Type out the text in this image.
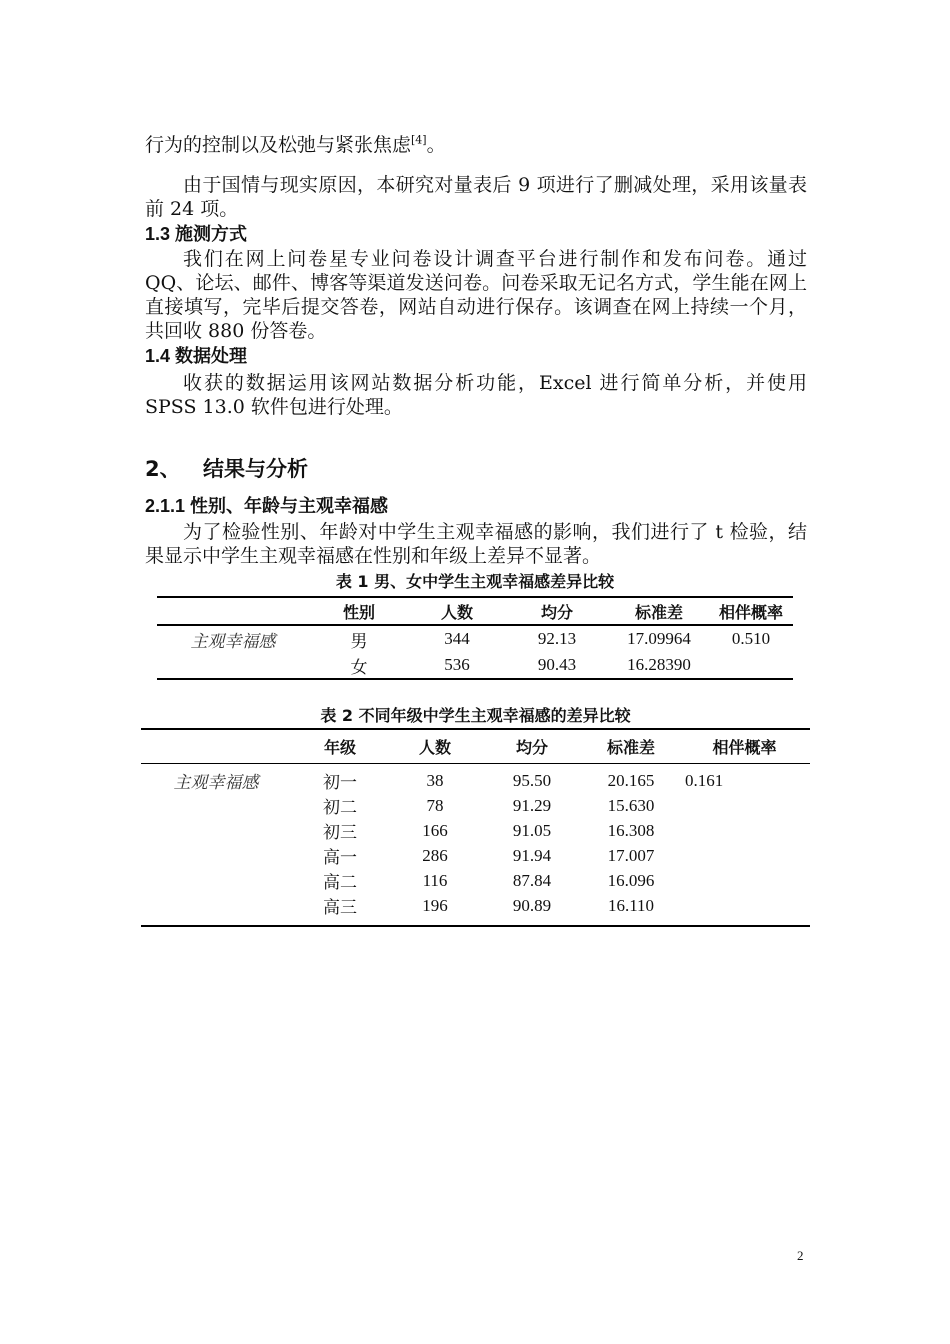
行为的控制以及松弛与紧张焦虑[4]。

由于国情与现实原因，本研究对量表后 9 项进行了删减处理，采用该量表前 24 项。

1.3 施测方式

我们在网上问卷星专业问卷设计调查平台进行制作和发布问卷。通过 QQ、论坛、邮件、博客等渠道发送问卷。问卷采取无记名方式，学生能在网上直接填写，完毕后提交答卷，网站自动进行保存。该调查在网上持续一个月，共回收 880 份答卷。

1.4 数据处理

收获的数据运用该网站数据分析功能，Excel 进行简单分析，并使用 SPSS 13.0 软件包进行处理。

2、 结果与分析
2.1.1 性别、年龄与主观幸福感

为了检验性别、年龄对中学生主观幸福感的影响，我们进行了 t 检验，结果显示中学生主观幸福感在性别和年级上差异不显著。

表 1 男、女中学生主观幸福感差异比较
	性别	人数	均分	标准差	相伴概率
主观幸福感	男	344	92.13	17.09964	0.510
	女	536	90.43	16.28390	
表 2 不同年级中学生主观幸福感的差异比较
	年级	人数	均分	标准差	相伴概率
主观幸福感	初一	38	95.50	20.165	0.161
	初二	78	91.29	15.630	
	初三	166	91.05	16.308	
	高一	286	91.94	17.007	
	高二	116	87.84	16.096	
	高三	196	90.89	16.110	
2
